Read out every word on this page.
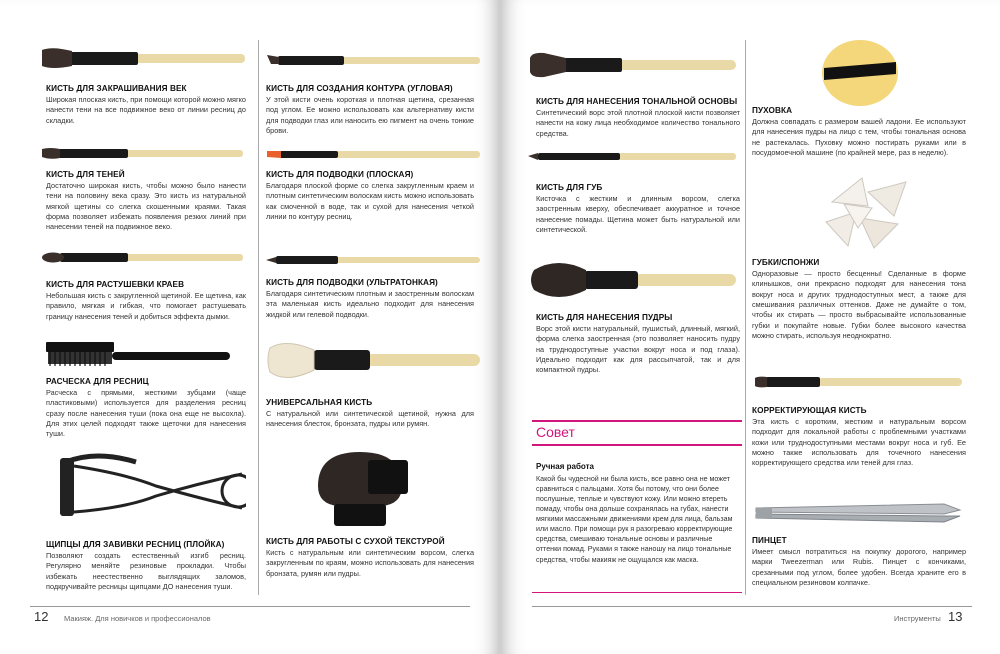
КИСТЬ ДЛЯ ЗАКРАШИВАНИЯ ВЕК

Широкая плоская кисть, при помощи которой можно мягко нанести тени на все подвижное веко от линии ресниц до складки.

КИСТЬ ДЛЯ ТЕНЕЙ

Достаточно широкая кисть, чтобы можно было нанести тени на половину века сразу. Это кисть из натуральной мягкой щетины со слегка скошенными краями. Такая форма позволяет избежать появления резких линий при нанесении теней на подвижное веко.

КИСТЬ ДЛЯ РАСТУШЕВКИ КРАЕВ

Небольшая кисть с закругленной щетиной. Ее щетина, как правило, мягкая и гибкая, что помогает растушевать границу нанесения теней и добиться эффекта дымки.

РАСЧЕСКА ДЛЯ РЕСНИЦ

Расческа с прямыми, жесткими зубцами (чаще пластиковыми) используется для разделения ресниц сразу после нанесения туши (пока она еще не высохла). Для этих целей подходят также щеточки для нанесения туши.

ЩИПЦЫ ДЛЯ ЗАВИВКИ РЕСНИЦ (ПЛОЙКА)

Позволяют создать естественный изгиб ресниц. Регулярно меняйте резиновые прокладки. Чтобы избежать неестественно выглядящих заломов, подкручивайте ресницы щипцами ДО нанесения туши.

КИСТЬ ДЛЯ СОЗДАНИЯ КОНТУРА (УГЛОВАЯ)

У этой кисти очень короткая и плотная щетина, срезанная под углом. Ее можно использовать как альтернативу кисти для подводки глаз или наносить ею пигмент на очень тонкие брови.

КИСТЬ ДЛЯ ПОДВОДКИ (ПЛОСКАЯ)

Благодаря плоской форме со слегка закругленным краем и плотным синтетическим волоскам кисть можно использовать как смоченной в воде, так и сухой для нанесения четкой линии по контуру ресниц.

КИСТЬ ДЛЯ ПОДВОДКИ (УЛЬТРАТОНКАЯ)

Благодаря синтетическим плотным и заостренным волоскам эта маленькая кисть идеально подходит для нанесения жидкой или гелевой подводки.

УНИВЕРСАЛЬНАЯ КИСТЬ

С натуральной или синтетической щетиной, нужна для нанесения блесток, бронзата, пудры или румян.

КИСТЬ ДЛЯ РАБОТЫ С СУХОЙ ТЕКСТУРОЙ

Кисть с натуральным или синтетическим ворсом, слегка закругленным по краям, можно использовать для нанесения бронзата, румян или пудры.

12 Макияж. Для новичков и профессионалов
КИСТЬ ДЛЯ НАНЕСЕНИЯ ТОНАЛЬНОЙ ОСНОВЫ

Синтетический ворс этой плотной плоской кисти позволяет нанести на кожу лица необходимое количество тонального средства.

КИСТЬ ДЛЯ ГУБ

Кисточка с жестким и длинным ворсом, слегка заостренным кверху, обеспечивает аккуратное и точное нанесение помады. Щетина может быть натуральной или синтетической.

КИСТЬ ДЛЯ НАНЕСЕНИЯ ПУДРЫ

Ворс этой кисти натуральный, пушистый, длинный, мягкий, форма слегка заостренная (это позволяет наносить пудру на труднодоступные участки вокруг носа и под глаза). Идеально подходит как для рассыпчатой, так и для компактной пудры.

Совет
Ручная работа

Какой бы чудесной ни была кисть, все равно она не может сравниться с пальцами. Хотя бы потому, что они более послушные, теплые и чувствуют кожу. Или можно втереть помаду, чтобы она дольше сохранялась на губах, нанести мягкими массажными движениями крем для лица, бальзам или масло. При помощи рук я разогреваю корректирующие средства, смешиваю тональные основы и различные оттенки помад. Руками я также наношу на лицо тональные средства, чтобы макияж не ощущался как маска.

ПУХОВКА

Должна совпадать с размером вашей ладони. Ее используют для нанесения пудры на лицо с тем, чтобы тональная основа не растекалась. Пуховку можно постирать руками или в посудомоечной машине (по крайней мере, раз в неделю).

ГУБКИ/СПОНЖИ

Одноразовые — просто бесценны! Сделанные в форме клинышков, они прекрасно подходят для нанесения тона вокруг носа и других труднодоступных мест, а также для смешивания различных оттенков. Даже не думайте о том, чтобы их стирать — просто выбрасывайте использованные губки и покупайте новые. Губки более высокого качества можно стирать, используя неоднократно.

КОРРЕКТИРУЮЩАЯ КИСТЬ

Эта кисть с коротким, жестким и натуральным ворсом подходит для локальной работы с проблемными участками кожи или труднодоступными местами вокруг носа и губ. Ее можно также использовать для точечного нанесения корректирующего средства или теней для глаз.

ПИНЦЕТ

Имеет смысл потратиться на покупку дорогого, например марки Tweezerman или Rubis. Пинцет с кончиками, срезанными под углом, более удобен. Всегда храните его в специальном резиновом колпачке.

Инструменты 13
